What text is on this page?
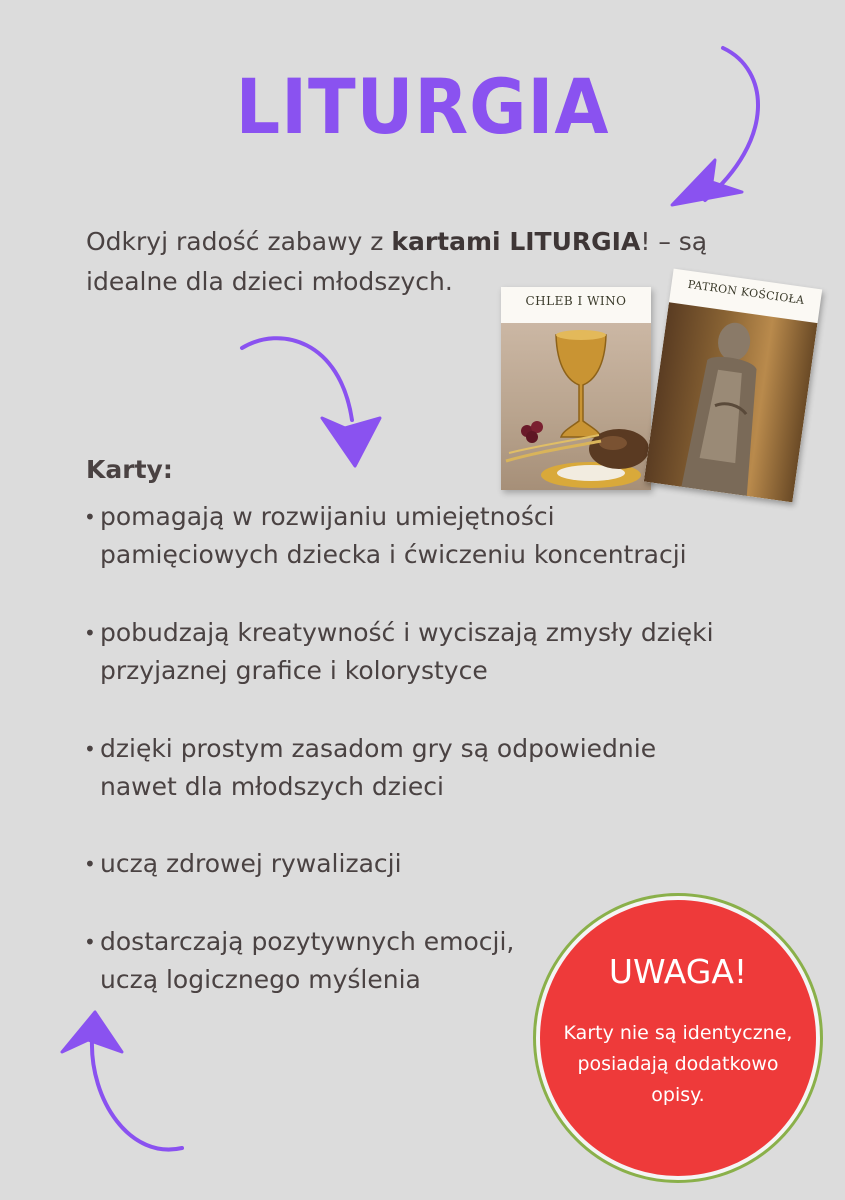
LITURGIA
Odkryj radość zabawy z kartami LITURGIA! – są
idealne dla dzieci młodszych.
CHLEB I WINO	PATRON KOŚCIOŁA
Karty:
• pomagają w rozwijaniu umiejętności
pamięciowych dziecka i ćwiczeniu koncentracji
• pobudzają kreatywność i wyciszają zmysły dzięki
przyjaznej grafice i kolorystyce
• dzięki prostym zasadom gry są odpowiednie
nawet dla młodszych dzieci
• uczą zdrowej rywalizacji
• dostarczają pozytywnych emocji,
uczą logicznego myślenia	UWAGA!
Karty nie są identyczne,
posiadają dodatkowo
opisy.
